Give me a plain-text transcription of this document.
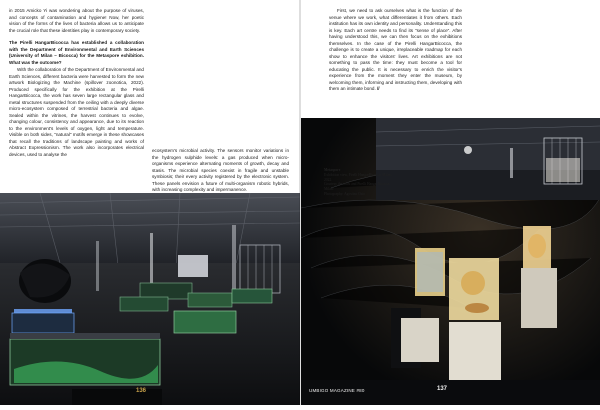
in 2015 Amicko Yi was wondering about the purpose of viruses, and concepts of contamination and hygiene! Now, her poetic vision of the forms of the lives of bacteria allows us to anticipate the crucial role that these identities play in contemporary society.

The Pirelli HangarBicocca has established a collaboration with the Department of Environmental and Earth Sciences (University of Milan – Bicocca) for the Metaspore exhibition. What was the outcome?

With the collaboration of the Department of Environmental and Earth Sciences, different bacteria were harvested to form the new artwork Biologizing the Machine (spillover zoonotica, 2022). Produced specifically for the exhibition at the Pirelli HangarBicocca, the work has seven large rectangular glass and metal structures suspended from the ceiling with a deeply diverse micro-ecosystem composed of terrestrial bacteria and algae. Sealed within the vitrines, the harvest continues to evolve, changing colour, consistency and appearance, due to its reaction to the environment's levels of oxygen, light and temperature. Visible on both sides, "natural" motifs emerge in these showcases that recall the traditions of landscape painting and works of Abstract Expressionism. The work also incorporates electrical devices, used to analyse the

ecosystem's microbial activity. The sensors monitor variations in the hydrogen sulphide levels: a gas produced when micro-organisms experience alternating moments of growth, decay and stasis. The microbial species coexist in fragile and unstable symbiosis; their every activity registered by the electronic system. These panels envision a future of multi-organism robotic hybrids, with increasing complexity and impermanence.

First, we need to ask ourselves what is the function of the venue where we work, what differentiates it from others. Each institution has its own identity and personality. Understanding this is key. Each art centre needs to find its "sense of place". After having understood this, we can then focus on the exhibitions themselves. In the case of the Pirelli HangarBicocca, the challenge is to create a unique, irreplaceable roadmap for each show to enhance the visitors' lives. Art exhibitions are not something to pass the time: they must become a tool for educating the public. It is necessary to enrich the visitor's experience from the moment they enter the museum, by welcoming them, informing and instructing them, developing with them an intimate bond. //

136	UMBIGO MAGAZINE #80	137
Metaspore
Exhibition view, Pirelli HangarBicocca, Milan, 2022.
Courtesy the artist and Pirelli HangarBicocca, Milan.
Photography: Agostino Osio
